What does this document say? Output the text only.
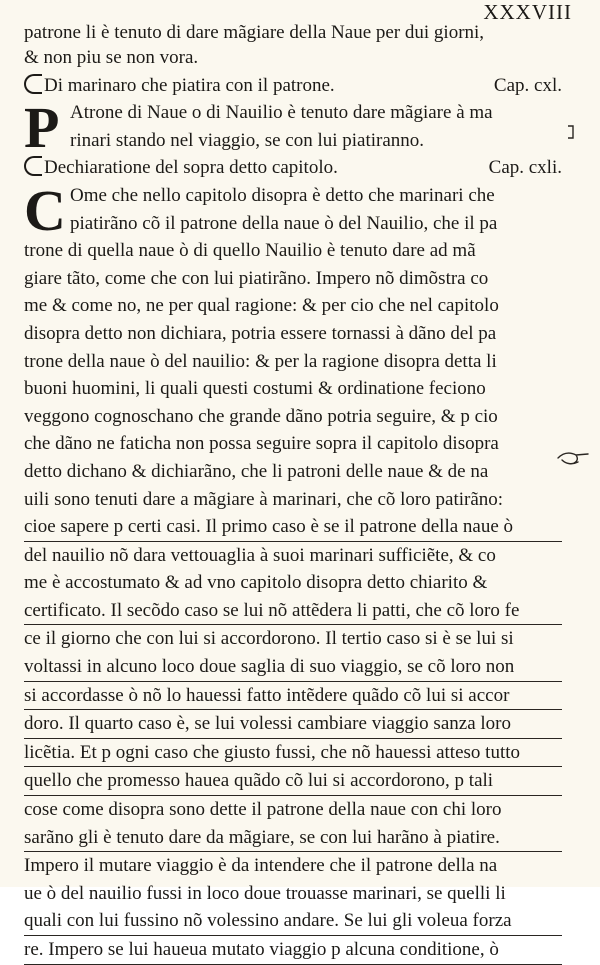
XXXVIII
patrone li è tenuto di dare mãgiare della Naue per dui giorni,
& non piu se non vora.
Di marinaro che piatira con il patrone.	Cap. cxl.
P Atrone di Naue o di Nauilio è tenuto dare mãgiare à ma
rinari stando nel viaggio, se con lui piatiranno.
Dechiaratione del sopra detto capitolo.	Cap. cxli.
C Ome che nello capitolo disopra è detto che marinari che
piatirãno cõ il patrone della naue ò del Nauilio, che il pa
trone di quella naue ò di quello Nauilio è tenuto dare ad mã
giare tãto, come che con lui piatirãno. Impero nõ dimõstra co
me & come no, ne per qual ragione: & per cio che nel capitolo
disopra detto non dichiara, potria essere tornassi à dãno del pa
trone della naue ò del nauilio: & per la ragione disopra detta li
buoni huomini, li quali questi costumi & ordinatione feciono
veggono cognoschano che grande dãno potria seguire, & p cio
che dãno ne faticha non possa seguire sopra il capitolo disopra
detto dichano & dichiarãno, che li patroni delle naue & de na
uili sono tenuti dare a mãgiare à marinari, che cõ loro patirãno:
cioe sapere p certi casi. Il primo caso è se il patrone della naue ò
del nauilio nõ dara vettouaglia à suoi marinari sufficiẽte, & co
me è accostumato & ad vno capitolo disopra detto chiarito &
certificato. Il secõdo caso se lui nõ attẽdera li patti, che cõ loro fe
ce il giorno che con lui si accordorono. Il tertio caso si è se lui si
voltassi in alcuno loco doue saglia di suo viaggio, se cõ loro non
si accordasse ò nõ lo hauessi fatto intẽdere quãdo cõ lui si accor
doro. Il quarto caso è, se lui volessi cambiare viaggio sanza loro
licẽtia. Et p ogni caso che giusto fussi, che nõ hauessi atteso tutto
quello che promesso hauea quãdo cõ lui si accordorono, p tali
cose come disopra sono dette il patrone della naue con chi loro
sarãno gli è tenuto dare da mãgiare, se con lui harãno à piatire.
Impero il mutare viaggio è da intendere che il patrone della na
ue ò del nauilio fussi in loco doue trouasse marinari, se quelli li
quali con lui fussino nõ volessino andare. Se lui gli voleua forza
re. Impero se lui haueua mutato viaggio p alcuna conditione, ò
